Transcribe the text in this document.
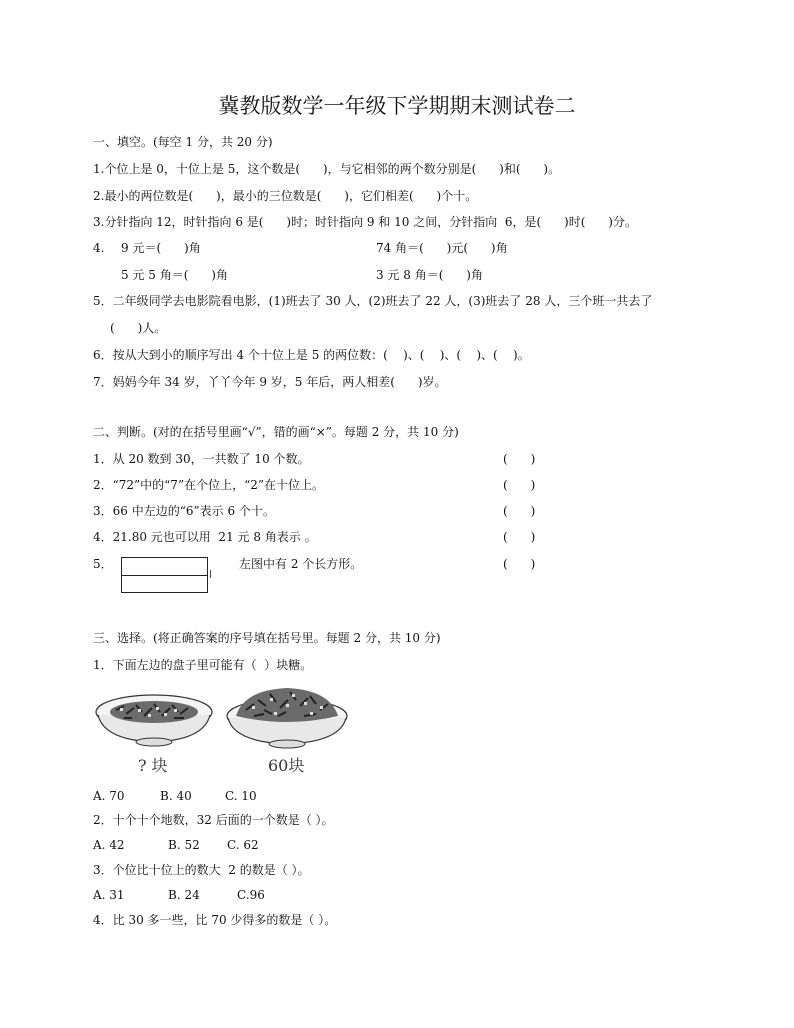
冀教版数学一年级下学期期末测试卷二
一、填空。(每空 1 分，共 20 分)
1.个位上是 0，十位上是 5，这个数是(      )，与它相邻的两个数分别是(      )和(      )。
2.最小的两位数是(      )，最小的三位数是(      )，它们相差(      )个十。
3.分针指向 12，时针指向 6 是(      )时；时针指向 9 和 10 之间，分针指向  6，是(      )时(      )分。
4. 9 元＝(      )角	74 角＝(      )元(      )角
5 元 5 角＝(      )角	3 元 8 角＝(      )角
5．二年级同学去电影院看电影，(1)班去了 30 人，(2)班去了 22 人，(3)班去了 28 人，三个班一共去了
(      )人。
6．按从大到小的顺序写出 4 个十位上是 5 的两位数：(    )、(    )、(    )、(    )。
7．妈妈今年 34 岁，丫丫今年 9 岁，5 年后，两人相差(      )岁。
二、判断。(对的在括号里画“√”，错的画“×”。每题 2 分，共 10 分)
1．从 20 数到 30，一共数了 10 个数。	(      )
2．“72”中的“7”在个位上，“2”在十位上。	(      )
3．66 中左边的“6”表示 6 个十。	(      )
4．21.80 元也可以用  21 元 8 角表示 。	(      )
5．	左图中有 2 个长方形。	(      )
三、选择。(将正确答案的序号填在括号里。每题 2 分，共 10 分)
1．下面左边的盘子里可能有（  ）块糖。
? 块	60块
A. 70	B. 40	C. 10
2．十个十个地数，32 后面的一个数是（ ）。
A. 42	B. 52 C. 62
3．个位比十位上的数大  2 的数是（ ）。
A. 31	B. 24	C.96
4．比 30 多一些，比 70 少得多的数是（ ）。
